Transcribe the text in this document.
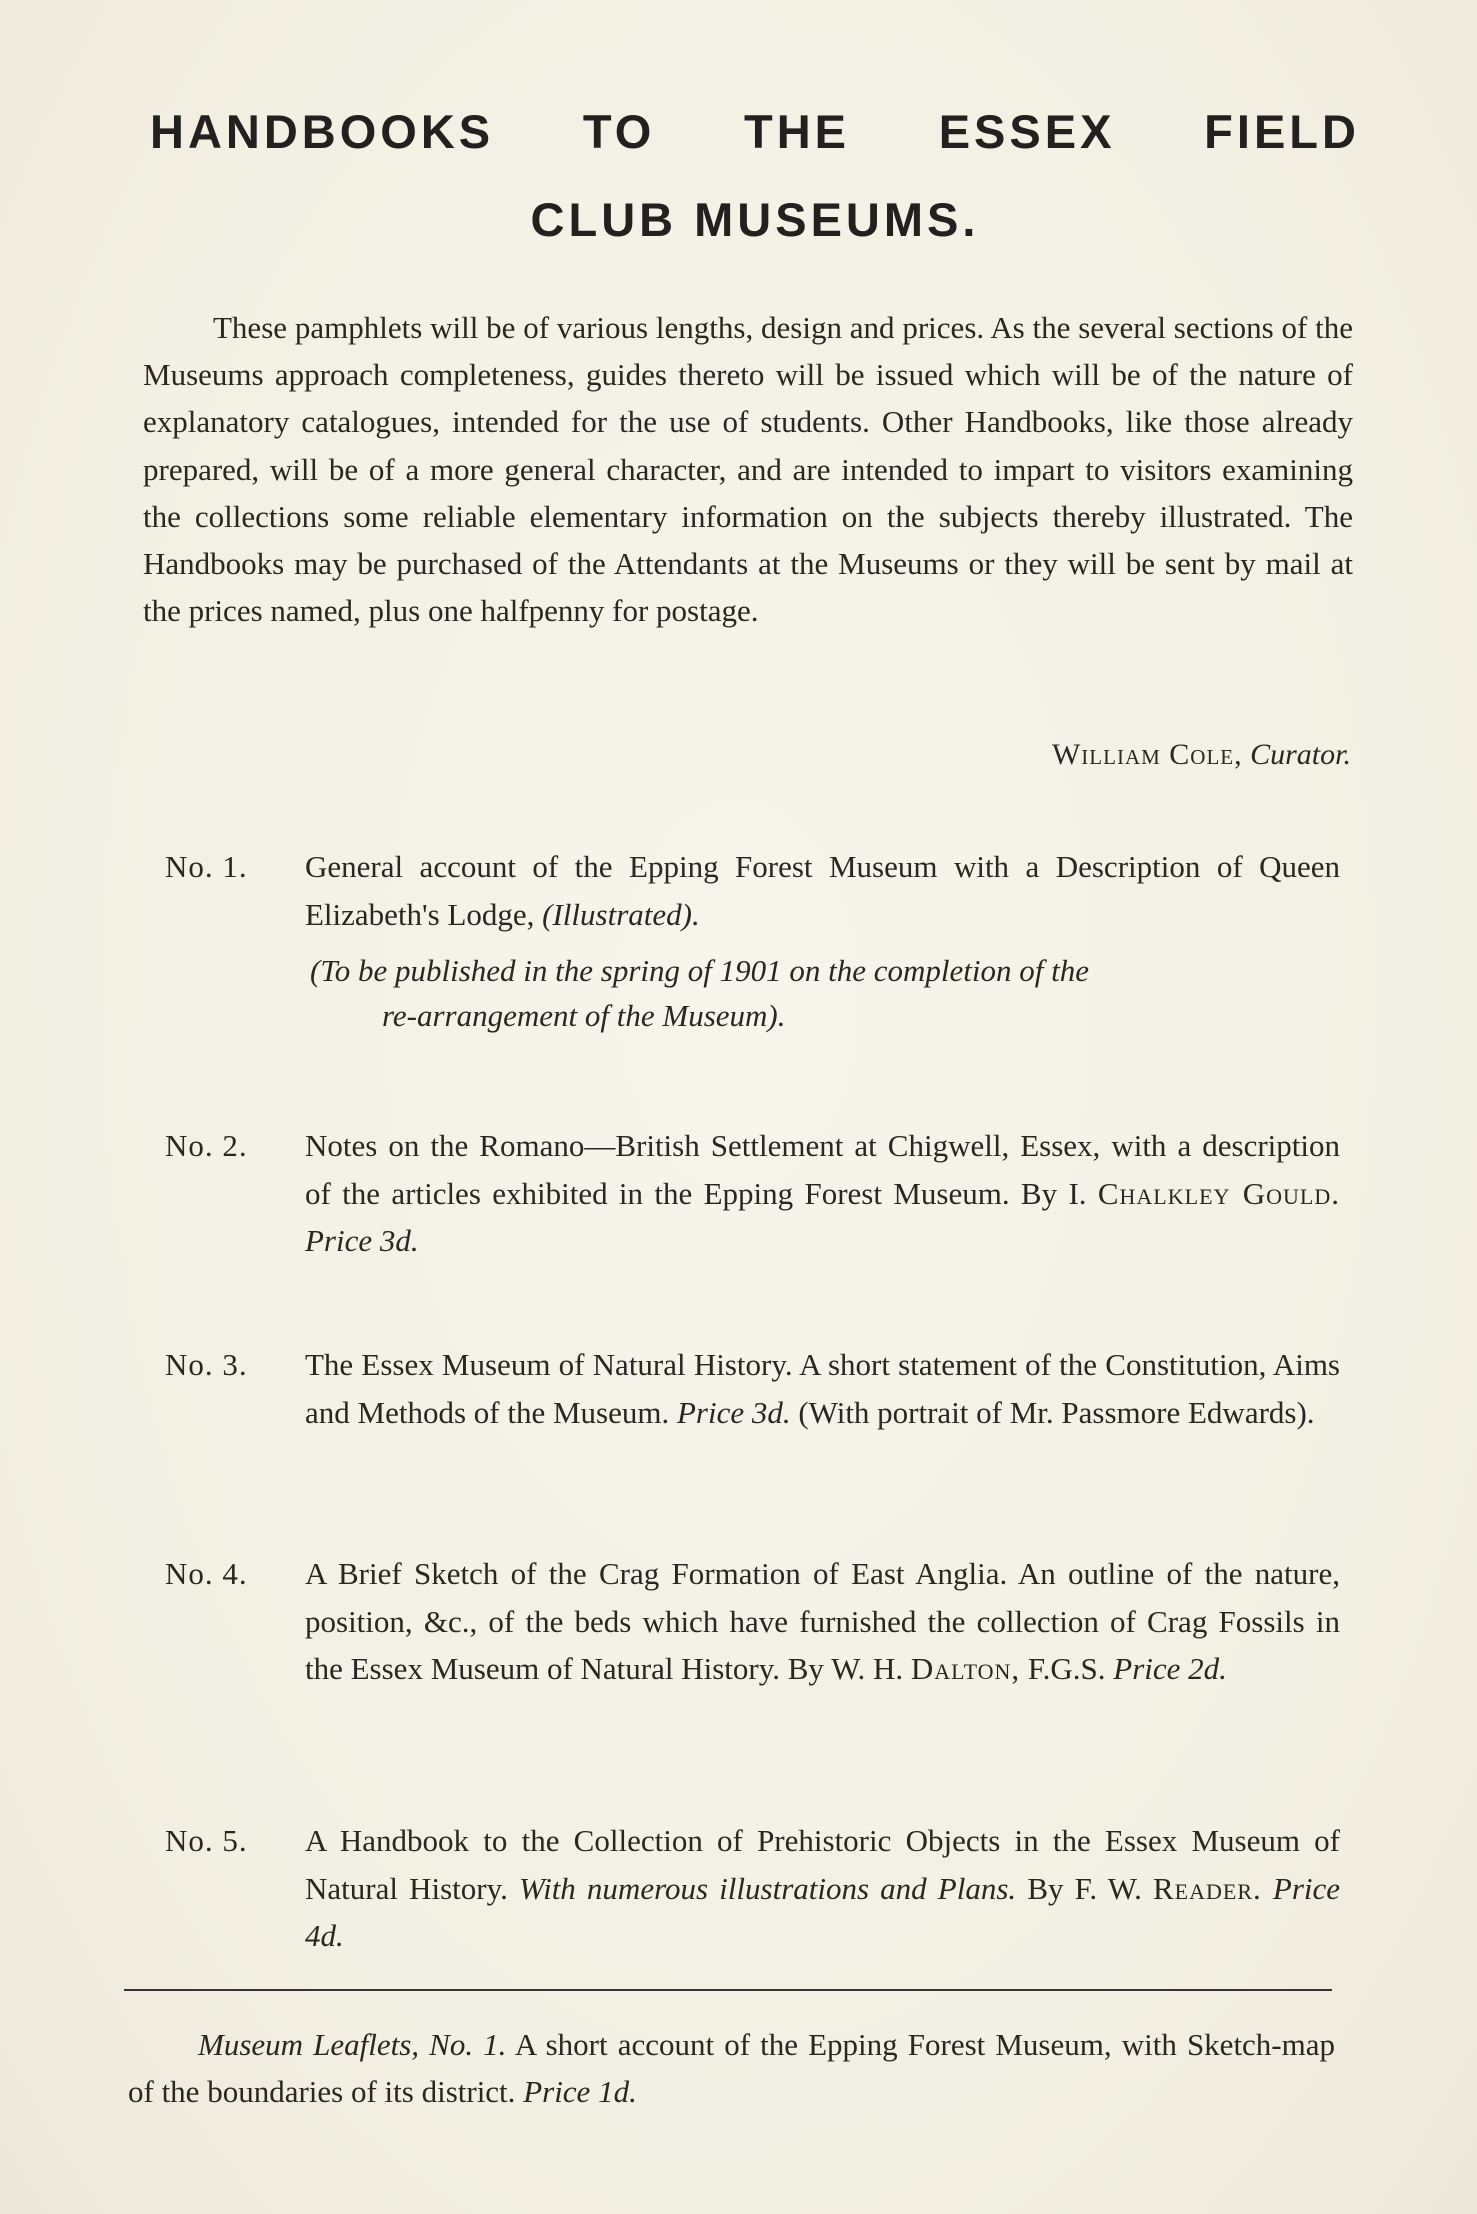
HANDBOOKS TO THE ESSEX FIELD
CLUB MUSEUMS.

These pamphlets will be of various lengths, design and prices. As the several sections of the Museums approach completeness, guides thereto will be issued which will be of the nature of explanatory catalogues, intended for the use of students. Other Handbooks, like those already prepared, will be of a more general character, and are intended to impart to visitors examining the collections some reliable elementary information on the subjects thereby illustrated. The Handbooks may be purchased of the Attendants at the Museums or they will be sent by mail at the prices named, plus one halfpenny for postage.

William Cole, Curator.

No. 1. General account of the Epping Forest Museum with a Description of Queen Elizabeth's Lodge, (Illustrated).
(To be published in the spring of 1901 on the completion of the
re-arrangement of the Museum).
No. 2. Notes on the Romano—British Settlement at Chigwell, Essex, with a description of the articles exhibited in the Epping Forest Museum. By I. Chalkley Gould. Price 3d.
No. 3. The Essex Museum of Natural History. A short statement of the Constitution, Aims and Methods of the Museum. Price 3d. (With portrait of Mr. Passmore Edwards).
No. 4. A Brief Sketch of the Crag Formation of East Anglia. An outline of the nature, position, &c., of the beds which have furnished the collection of Crag Fossils in the Essex Museum of Natural History. By W. H. Dalton, F.G.S. Price 2d.
No. 5. A Handbook to the Collection of Prehistoric Objects in the Essex Museum of Natural History. With numerous illustrations and Plans. By F. W. Reader. Price 4d.

Museum Leaflets, No. 1. A short account of the Epping Forest Museum, with Sketch-map of the boundaries of its district. Price 1d.
